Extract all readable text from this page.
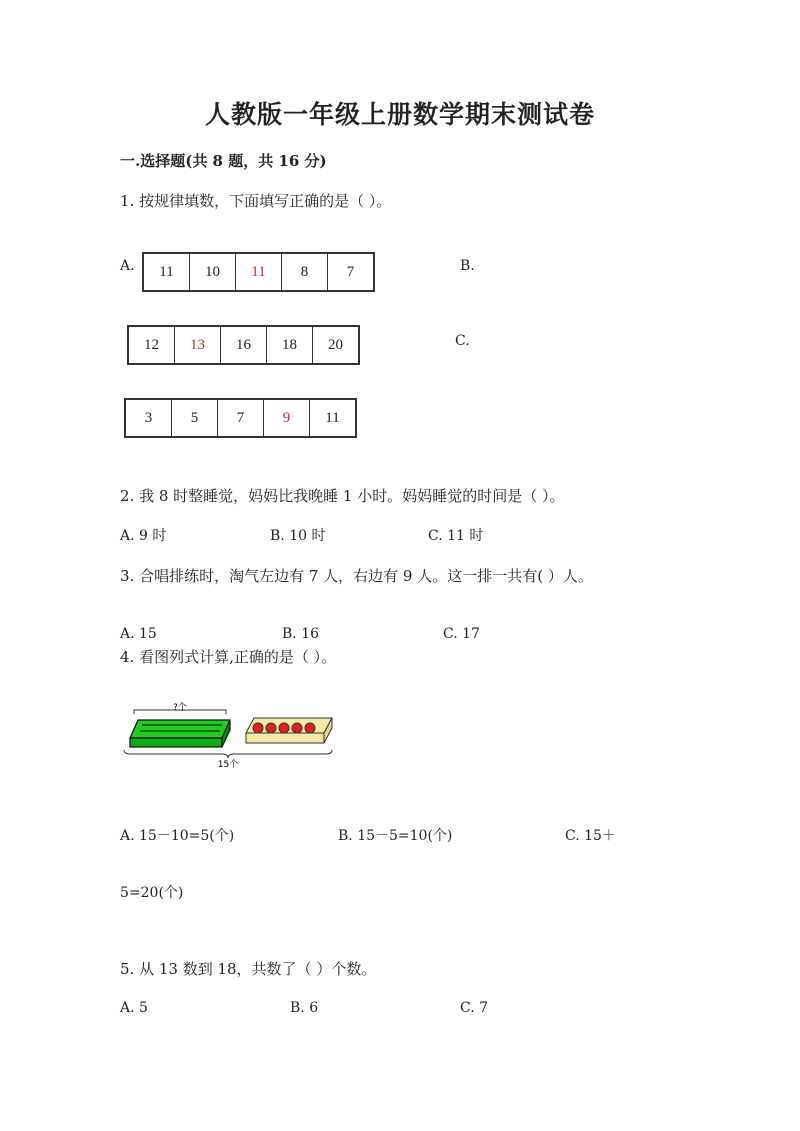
人教版一年级上册数学期末测试卷
一.选择题(共 8 题，共 16 分)
1. 按规律填数，下面填写正确的是（ ）。
A.	11	10	11	8	7	B.
12	13	16	18	20	C.
3	5	7	9	11
2. 我 8 时整睡觉，妈妈比我晚睡 1 小时。妈妈睡觉的时间是（ ）。
A. 9 时	B. 10 时	C. 11 时
3. 合唱排练时，淘气左边有 7 人，右边有 9 人。这一排一共有( ）人。
A. 15	B. 16	C. 17
4. 看图列式计算,正确的是（ ）。
?个
15个
A. 15－10=5(个)	B. 15－5=10(个)	C. 15＋
5=20(个)
5. 从 13 数到 18，共数了（ ）个数。
A. 5	B. 6	C. 7
